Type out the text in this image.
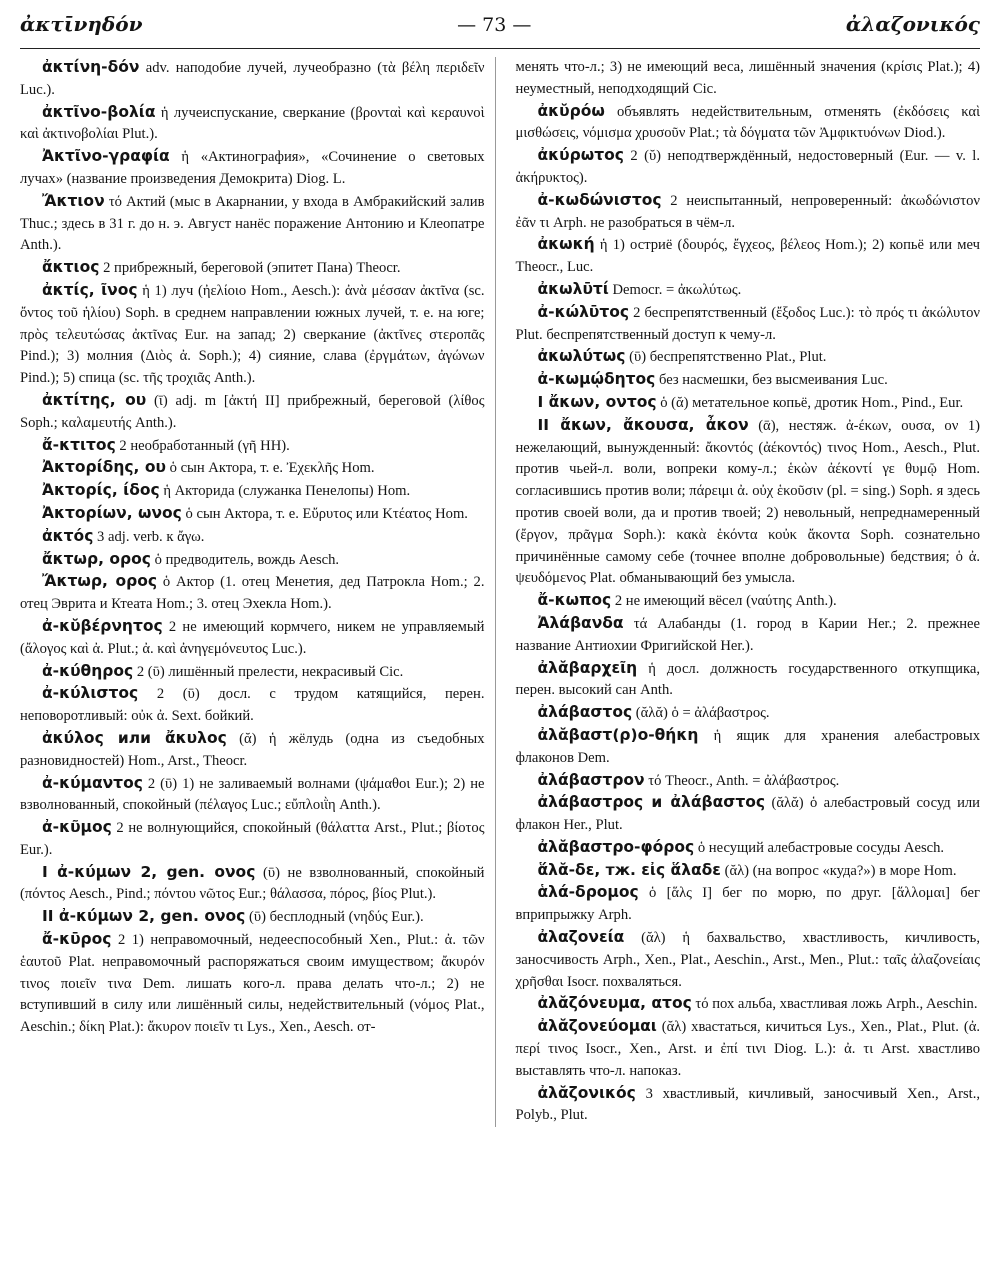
ἀκτῑνηδόν	— 73 —	ἀλαζονικός

ἀκτίνη-δόν adv. наподобие лучей, лучеобразно (τὰ βέλη περιδεῖν Luc.).

ἀκτῖνο-βολία ἡ лучеиспускание, сверкание (βρονταὶ καὶ κεραυνοὶ καὶ ἀκτινοβολίαι Plut.).

Ἀκτῖνο-γραφία ἡ «Актинография», «Сочинение о световых лучах» (название произведения Демокрита) Diog. L.

Ἄκτιον τό Актий (мыс в Акарнании, у входа в Амбракийский залив Thuc.; здесь в 31 г. до н. э. Август нанёс поражение Антонию и Клеопатре Anth.).

ἄκτιος 2 прибрежный, береговой (эпитет Пана) Theocr.

ἀκτίς, ῖνος ἡ 1) луч (ἠελίοιο Hom., Aesch.): ἀνὰ μέσσαν ἀκτῖνα (sc. ὄντος τοῦ ἡλίου) Soph. в среднем направлении южных лучей, т. е. на юге; πρὸς τελευτώσας ἀκτῖνας Eur. на запад; 2) сверкание (ἀκτῖνες στεροπᾶς Pind.); 3) молния (Διὸς ἀ. Soph.); 4) сияние, слава (ἐργμάτων, ἀγώνων Pind.); 5) спица (sc. τῆς τροχιᾶς Anth.).

ἀκτίτης, ου (ῑ) adj. m [ἀκτή II] прибрежный, береговой (λίθος Soph.; καλαμευτής Anth.).

ἄ-κτιτος 2 необработанный (γῆ HH).

Ἀκτορίδης, ου ὁ сын Актора, т. е. Ἐχεκλῆς Hom.

Ἀκτορίς, ίδος ἡ Акторида (служанка Пенелопы) Hom.

Ἀκτορίων, ωνος ὁ сын Актора, т. е. Εὔρυτος или Κτέατος Hom.

ἀκτός 3 adj. verb. к ἄγω.

ἄκτωρ, ορος ὁ предводитель, вождь Aesch.

Ἄκτωρ, ορος ὁ Актор (1. отец Менетия, дед Патрокла Hom.; 2. отец Эврита и Ктеата Hom.; 3. отец Эхекла Hom.).

ἀ-κῠβέρνητος 2 не имеющий кормчего, никем не управляемый (ἄλογος καὶ ἀ. Plut.; ἀ. καὶ ἀνηγεμόνευτος Luc.).

ἀ-κύθηρος 2 (ῡ) лишённый прелести, некрасивый Cic.

ἀ-κύλιστος 2 (ῡ) досл. с трудом катящийся, перен. неповоротливый: οὐκ ἀ. Sext. бойкий.

ἀκύλος или ἄκυλος (ᾰ) ἡ жёлудь (одна из съедобных разновидностей) Hom., Arst., Theocr.

ἀ-κύμαντος 2 (ῡ) 1) не заливаемый волнами (ψάμαθοι Eur.); 2) не взволнованный, спокойный (πέλαγος Luc.; εὔπλοιῒη Anth.).

ἀ-κῦμος 2 не волнующийся, спокойный (θάλαττα Arst., Plut.; βίοτος Eur.).

I ἀ-κύμων 2, gen. ονος (ῡ) не взволнованный, спокойный (πόντος Aesch., Pind.; πόντου νῶτος Eur.; θάλασσα, πόρος, βίος Plut.).

II ἀ-κύμων 2, gen. ονος (ῡ) бесплодный (νηδύς Eur.).

ἄ-κῡρος 2 1) неправомочный, недееспособный Xen., Plut.: ἀ. τῶν ἑαυτοῦ Plat. неправомочный распоряжаться своим имуществом; ἄκυρόν τινος ποιεῖν τινα Dem. лишать кого-л. права делать что-л.; 2) не вступивший в силу или лишённый силы, недействительный (νόμος Plat., Aeschin.; δίκη Plat.): ἄκυρον ποιεῖν τι Lys., Xen., Aesch. от-

менять что-л.; 3) не имеющий веса, лишённый значения (κρίσις Plat.); 4) неуместный, неподходящий Cic.

ἀκῠρόω объявлять недействительным, отменять (ἐκδόσεις καὶ μισθώσεις, νόμισμα χρυσοῦν Plat.; τὰ δόγματα τῶν Ἀμφικτυόνων Diod.).

ἀκύρωτος 2 (ῠ) неподтверждённый, недостоверный (Eur. — v. l. ἀκήρυκτος).

ἀ-κωδώνιστος 2 неиспытанный, непроверенный: ἀκωδώνιστον ἐᾶν τι Arph. не разобраться в чём-л.

ἀκωκή ἡ 1) остриё (δουρός, ἔγχεος, βέλεος Hom.); 2) копьё или меч Theocr., Luc.

ἀκωλῡτί Democr. = ἀκωλύτως.

ἀ-κώλῡτος 2 беспрепятственный (ἔξοδος Luc.): τὸ πρός τι ἀκώλυτον Plut. беспрепятственный доступ к чему-л.

ἀκωλύτως (ῡ) беспрепятственно Plat., Plut.

ἀ-κωμῴδητος без насмешки, без высмеивания Luc.

I ἄκων, οντος ὁ (ᾰ) метательное копьё, дротик Hom., Pind., Eur.

II ἄκων, ἄκουσα, ἆκον (ᾱ), нестяж. ἀ-έκων, ουσα, ον 1) нежелающий, вынужденный: ἄκοντός (ἀέκοντός) τινος Hom., Aesch., Plut. против чьей-л. воли, вопреки кому-л.; ἑκὼν ἀέκοντί γε θυμῷ Hom. согласившись против воли; πάρειμι ἀ. οὐχ ἑκοῦσιν (pl. = sing.) Soph. я здесь против своей воли, да и против твоей; 2) невольный, непреднамеренный (ἔργον, πρᾶγμα Soph.): κακὰ ἑκόντα κοὐκ ἄκοντα Soph. сознательно причинённые самому себе (точнее вполне добровольные) бедствия; ὁ ἀ. ψευδόμενος Plat. обманывающий без умысла.

ἄ-κωπος 2 не имеющий вёсел (ναύτης Anth.).

Ἀλάβανδα τά Алабанды (1. город в Карии Her.; 2. прежнее название Антиохии Фригийской Her.).

ἀλᾰβαρχεῖη ἡ досл. должность государственного откупщика, перен. высокий сан Anth.

ἀλάβαστος (ᾰλᾰ) ὁ = ἀλάβαστρος.

ἀλᾰβαστ(ρ)ο-θήκη ἡ ящик для хранения алебастровых флаконов Dem.

ἀλάβαστρον τό Theocr., Anth. = ἀλάβαστρος.

ἀλάβαστρος и ἀλάβαστος (ᾰλᾰ) ὁ алебастровый сосуд или флакон Her., Plut.

ἀλᾰβαστρο-φόρος ὁ несущий алебастровые сосуды Aesch.

ἅλᾰ-δε, тж. εἰς ἅλαδε (ᾰλ) (на вопрос «куда?») в море Hom.

ἁλά-δρομος ὁ [ἅλς I] бег по морю, по друг. [ἅλλομαι] бег вприпрыжку Arph.

ἀλαζονεία (ᾰλ) ἡ бахвальство, хвастливость, кичливость, заносчивость Arph., Xen., Plat., Aeschin., Arst., Men., Plut.: ταῖς ἀλαζονείαις χρῆσθαι Isocr. похваляться.

ἀλᾰζόνευμα, ατος τό пох альба, хвастливая ложь Arph., Aeschin.

ἀλᾰζονεύομαι (ᾰλ) хвастаться, кичиться Lys., Xen., Plat., Plut. (ἀ. περί τινος Isocr., Xen., Arst. и ἐπί τινι Diog. L.): ἀ. τι Arst. хвастливо выставлять что-л. напоказ.

ἀλᾰζονικός 3 хвастливый, кичливый, заносчивый Xen., Arst., Polyb., Plut.
